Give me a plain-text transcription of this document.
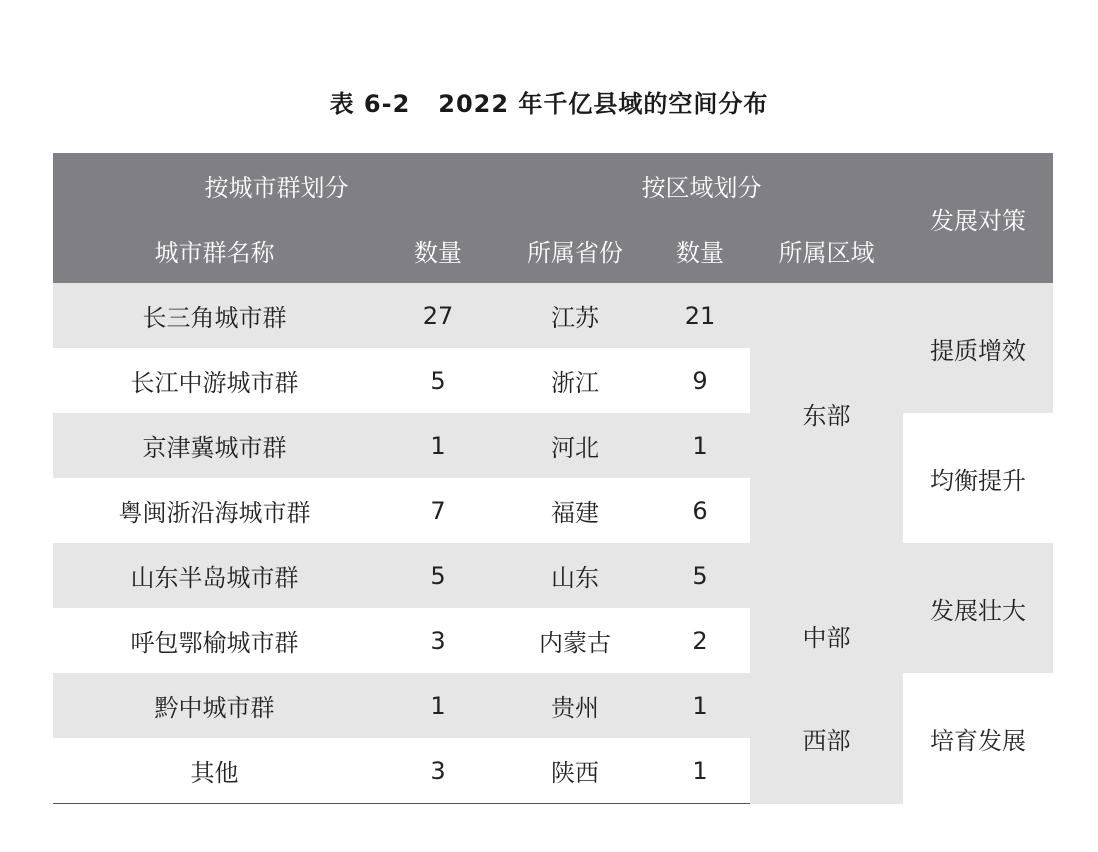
表 6-2 2022 年千亿县域的空间分布
按城市群划分		按区域划分			发展对策
城市群名称	数量	所属省份	数量	所属区域	
长三角城市群	27	江苏	21	东部	提质增效
长江中游城市群	5	浙江	9		
京津冀城市群	1	河北	1		均衡提升
粤闽浙沿海城市群	7	福建	6		
山东半岛城市群	5	山东	5	中部	发展壮大
呼包鄂榆城市群	3	内蒙古	2		
黔中城市群	1	贵州	1	西部	培育发展
其他	3	陕西	1		
